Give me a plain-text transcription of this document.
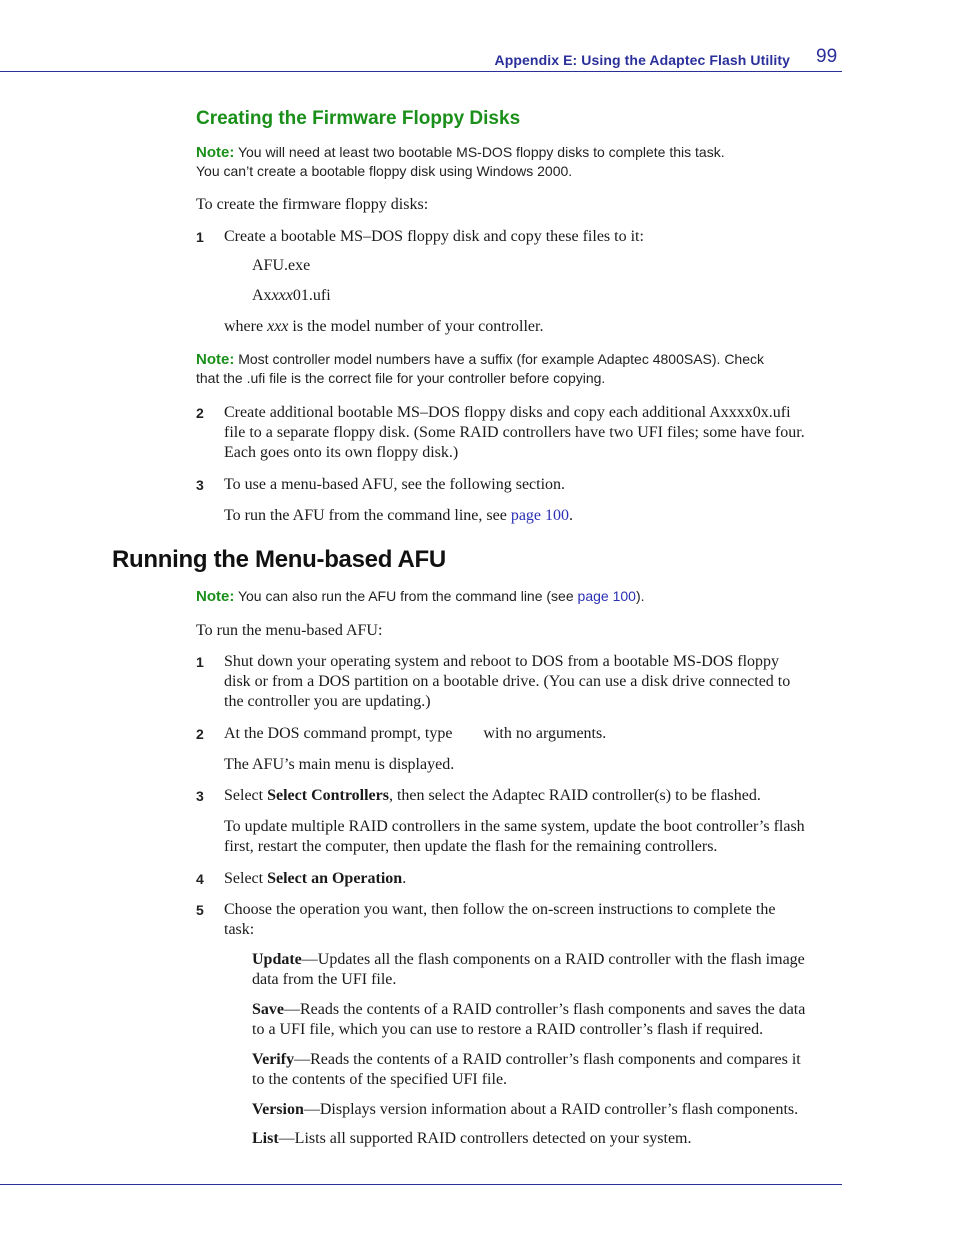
Appendix E: Using the Adaptec Flash Utility 99
Creating the Firmware Floppy Disks
Note: You will need at least two bootable MS-DOS floppy disks to complete this task.
You can’t create a bootable floppy disk using Windows 2000.
To create the firmware floppy disks:
1 Create a bootable MS–DOS floppy disk and copy these files to it:
AFU.exe
Axxxx01.ufi
where xxx is the model number of your controller.
Note: Most controller model numbers have a suffix (for example Adaptec 4800SAS). Check
that the .ufi file is the correct file for your controller before copying.
2 Create additional bootable MS–DOS floppy disks and copy each additional Axxxx0x.ufi
file to a separate floppy disk. (Some RAID controllers have two UFI files; some have four.
Each goes onto its own floppy disk.)
3 To use a menu-based AFU, see the following section.
To run the AFU from the command line, see page 100.
Running the Menu-based AFU
Note: You can also run the AFU from the command line (see page 100).
To run the menu-based AFU:
1 Shut down your operating system and reboot to DOS from a bootable MS-DOS floppy
disk or from a DOS partition on a bootable drive. (You can use a disk drive connected to
the controller you are updating.)
2 At the DOS command prompt, type with no arguments.
The AFU’s main menu is displayed.
3 Select Select Controllers, then select the Adaptec RAID controller(s) to be flashed.
To update multiple RAID controllers in the same system, update the boot controller’s flash
first, restart the computer, then update the flash for the remaining controllers.
4 Select Select an Operation.
5 Choose the operation you want, then follow the on-screen instructions to complete the
task:
Update—Updates all the flash components on a RAID controller with the flash image
data from the UFI file.
Save—Reads the contents of a RAID controller’s flash components and saves the data
to a UFI file, which you can use to restore a RAID controller’s flash if required.
Verify—Reads the contents of a RAID controller’s flash components and compares it
to the contents of the specified UFI file.
Version—Displays version information about a RAID controller’s flash components.
List—Lists all supported RAID controllers detected on your system.
